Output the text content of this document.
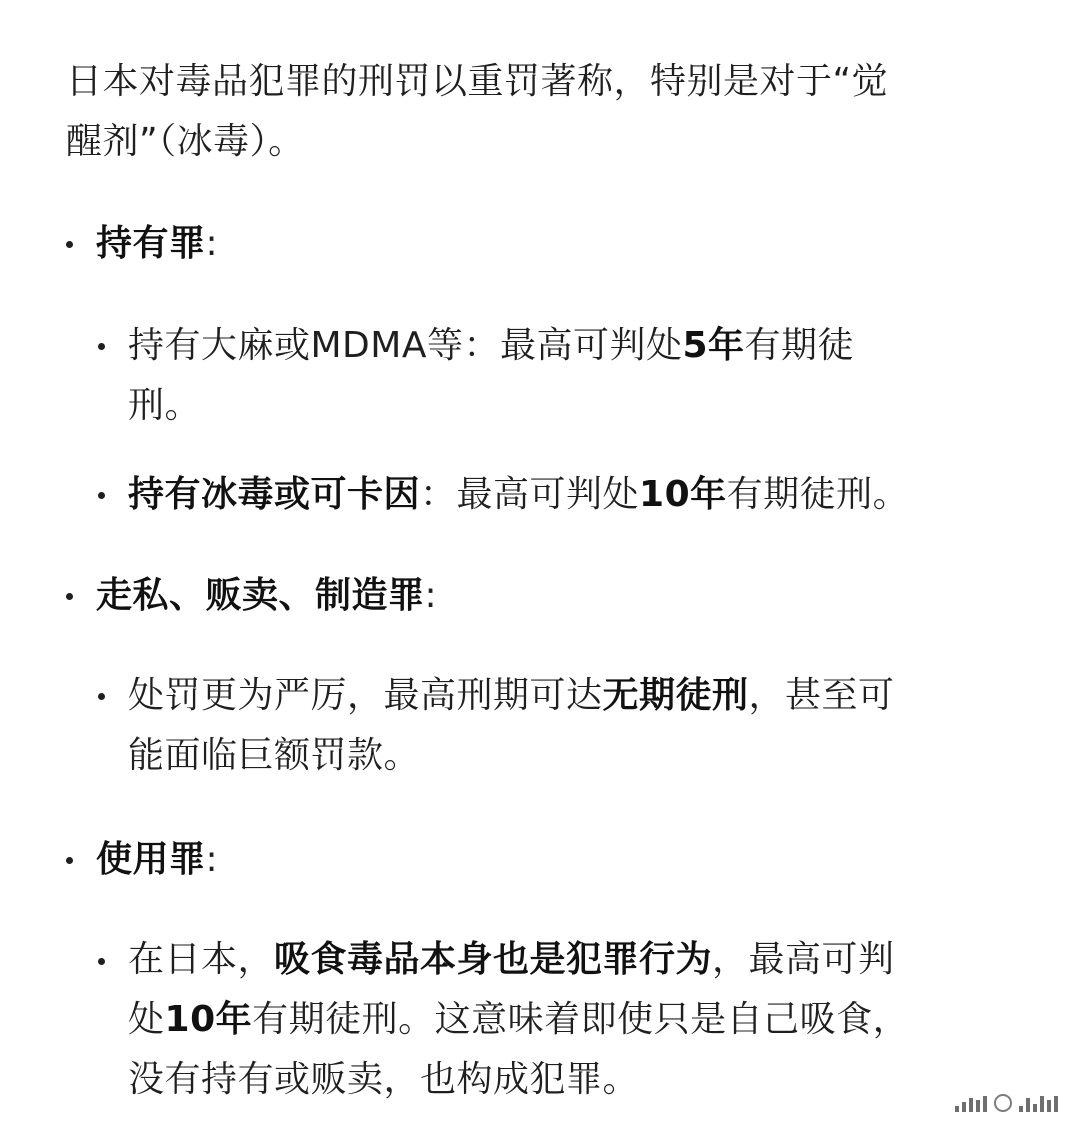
日本对毒品犯罪的刑罚以重罚著称，特别是对于“觉
醒剂”（冰毒）。
持有罪:
持有大麻或MDMA等：最高可判处5年有期徒
刑。
持有冰毒或可卡因：最高可判处10年有期徒刑。
走私、贩卖、制造罪:
处罚更为严厉，最高刑期可达无期徒刑，甚至可
能面临巨额罚款。
使用罪:
在日本，吸食毒品本身也是犯罪行为，最高可判
处10年有期徒刑。这意味着即使只是自己吸食，
没有持有或贩卖，也构成犯罪。
